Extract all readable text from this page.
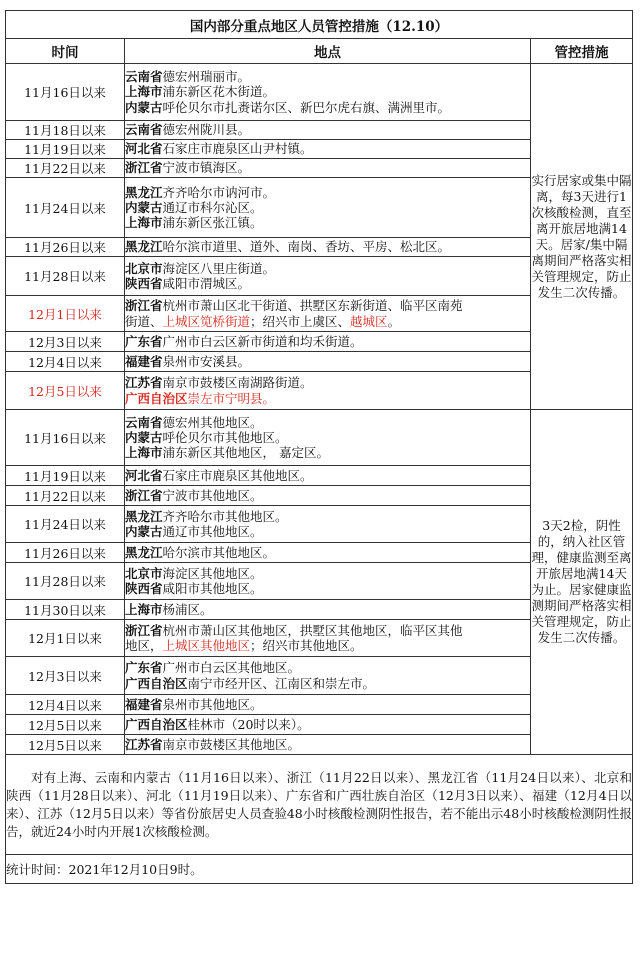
国内部分重点地区人员管控措施（12.10）		
时间	地点	管控措施
11月16日以来	云南省德宏州瑞丽市。
上海市浦东新区花木街道。
内蒙古呼伦贝尔市扎赉诺尔区、新巴尔虎右旗、满洲里市。	实行居家或集中隔离，每3天进行1次核酸检测，直至离开旅居地满14天。居家/集中隔离期间严格落实相关管理规定，防止发生二次传播。
11月18日以来	云南省德宏州陇川县。	

11月19日以来	河北省石家庄市鹿泉区山尹村镇。	

11月22日以来	浙江省宁波市镇海区。	

11月24日以来	黑龙江齐齐哈尔市讷河市。
内蒙古通辽市科尔沁区。
上海市浦东新区张江镇。	

11月26日以来	黑龙江哈尔滨市道里、道外、南岗、香坊、平房、松北区。	

11月28日以来	北京市海淀区八里庄街道。
陕西省咸阳市渭城区。	

12月1日以来	浙江省杭州市萧山区北干街道、拱墅区东新街道、临平区南苑
街道、上城区笕桥街道；绍兴市上虞区、越城区。	

12月3日以来	广东省广州市白云区新市街道和均禾街道。	

12月4日以来	福建省泉州市安溪县。	

12月5日以来	江苏省南京市鼓楼区南湖路街道。
广西自治区崇左市宁明县。	

11月16日以来	云南省德宏州其他地区。
内蒙古呼伦贝尔市其他地区。
上海市浦东新区其他地区， 嘉定区。	3天2检，阴性的，纳入社区管理，健康监测至离开旅居地满14天为止。居家健康监测期间严格落实相关管理规定，防止发生二次传播。
11月19日以来	河北省石家庄市鹿泉区其他地区。	

11月22日以来	浙江省宁波市其他地区。	

11月24日以来	黑龙江齐齐哈尔市其他地区。
内蒙古通辽市其他地区。	

11月26日以来	黑龙江哈尔滨市其他地区。	

11月28日以来	北京市海淀区其他地区。
陕西省咸阳市其他地区。	

11月30日以来	上海市杨浦区。	

12月1日以来	浙江省杭州市萧山区其他地区，拱墅区其他地区，临平区其他
地区，上城区其他地区；绍兴市其他地区。	

12月3日以来	广东省广州市白云区其他地区。
广西自治区南宁市经开区、江南区和崇左市。	

12月4日以来	福建省泉州市其他地区。	

12月5日以来	广西自治区桂林市（20时以来）。	

12月5日以来	江苏省南京市鼓楼区其他地区。	

对有上海、云南和内蒙古（11月16日以来）、浙江（11月22日以来）、黑龙江省（11月24日以来）、北京和陕西（11月28日以来）、河北（11月19日以来）、广东省和广西壮族自治区（12月3日以来）、福建（12月4日以来）、江苏（12月5日以来）等省份旅居史人员查验48小时核酸检测阴性报告，若不能出示48小时核酸检测阴性报告，就近24小时内开展1次核酸检测。		
统计时间：2021年12月10日9时。		
